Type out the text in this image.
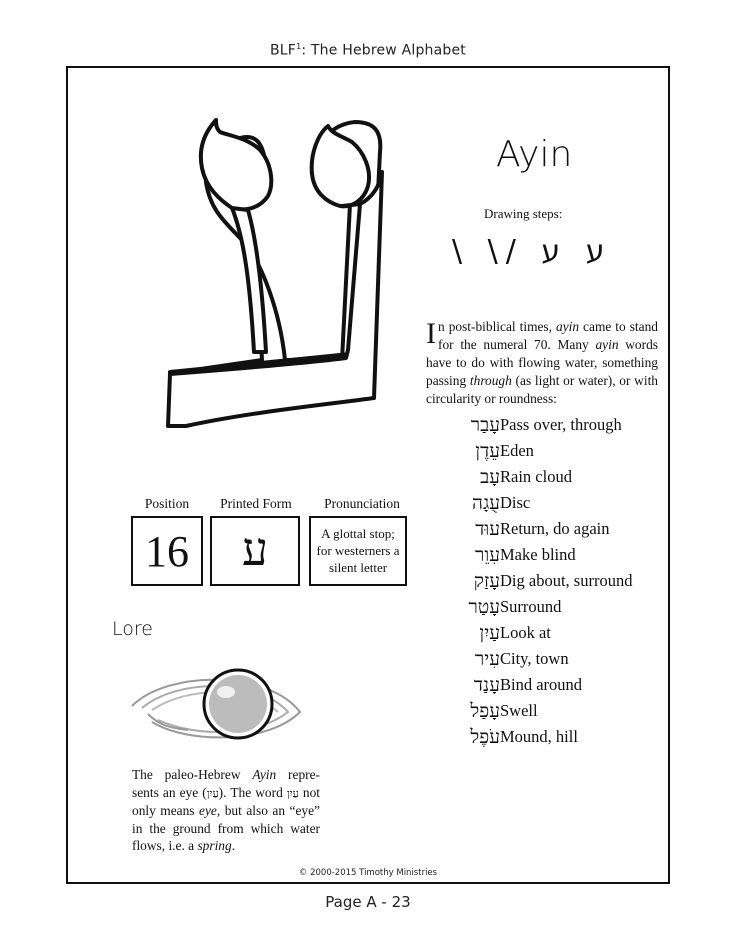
BLF$^1$: The Hebrew Alphabet
Ayin
Drawing steps:
\ \/ ע ע
In post-biblical times, ayin came to stand for the numeral 70. Many ayin words have to do with flowing water, something passing through (as light or water), or with circularity or roundness:
עָבַר Pass over, through
עֵדֶן Eden
עָב Rain cloud
עֻגָה Disc
עוּד Return, do again
עִוֵר Make blind
עָזַק Dig about, surround
עָטַר Surround
עַיִן Look at
עִיר City, town
עָנַד Bind around
עָפַל Swell
עֹפֶל Mound, hill
Position	Printed Form	Pronunciation
16	ע	A glottal stop;
for westerners a
silent letter
Lore
The paleo-Hebrew Ayin repre-sents an eye (עַיִן). The word עַיִן not only means eye, but also an “eye” in the ground from which water flows, i.e. a spring.
© 2000-2015 Timothy Ministries
Page A - 23
